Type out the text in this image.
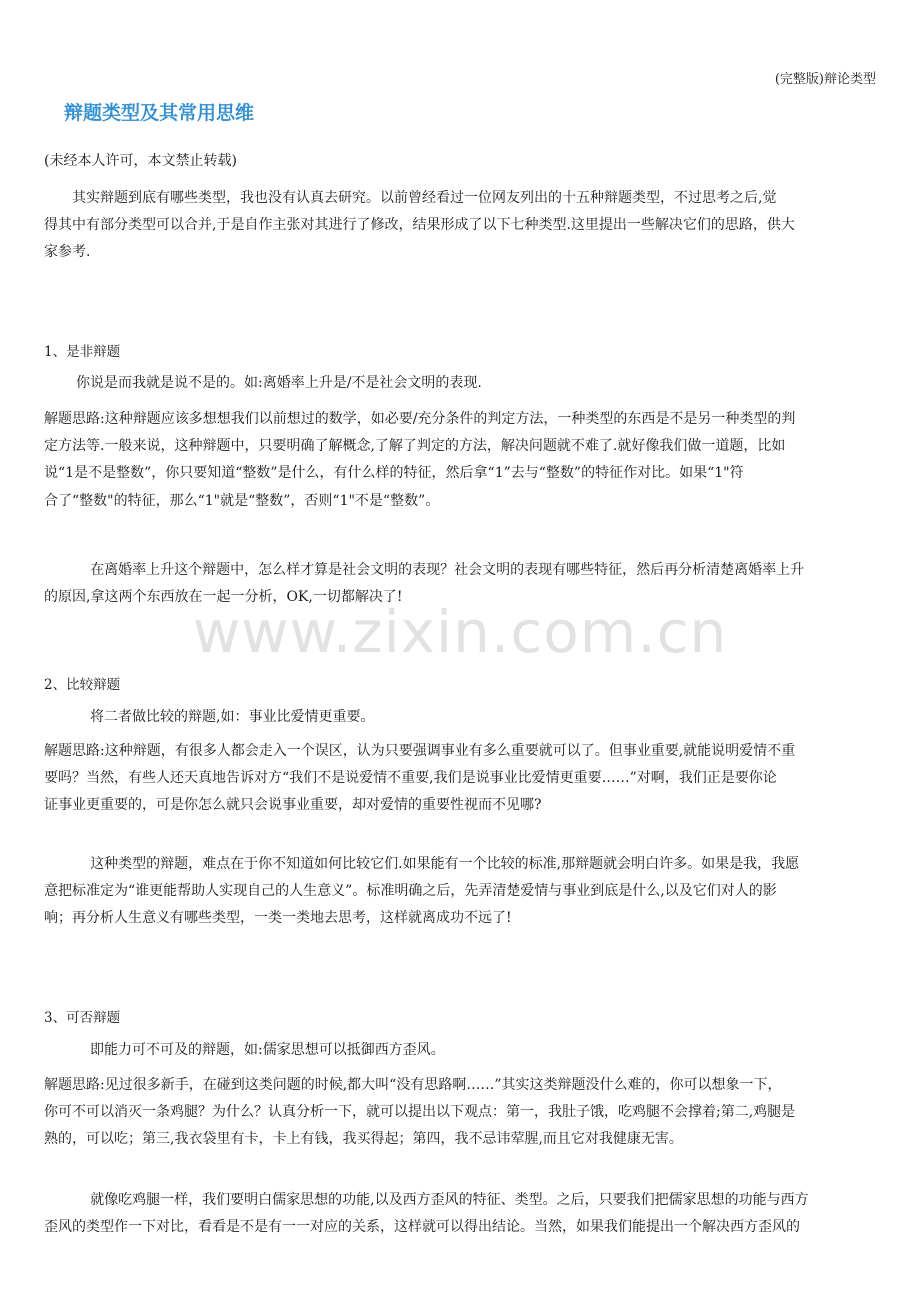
(完整版)辩论类型
辩题类型及其常用思维
(未经本人许可，本文禁止转载)
其实辩题到底有哪些类型，我也没有认真去研究。以前曾经看过一位网友列出的十五种辩题类型，不过思考之后,觉
得其中有部分类型可以合并,于是自作主张对其进行了修改，结果形成了以下七种类型.这里提出一些解决它们的思路，供大
家参考.
1、是非辩题
你说是而我就是说不是的。如:离婚率上升是/不是社会文明的表现.
解题思路:这种辩题应该多想想我们以前想过的数学，如必要/充分条件的判定方法，一种类型的东西是不是另一种类型的判
定方法等.一般来说，这种辩题中，只要明确了解概念,了解了判定的方法，解决问题就不难了.就好像我们做一道题，比如
说“1是不是整数”，你只要知道“整数”是什么，有什么样的特征，然后拿“1”去与“整数”的特征作对比。如果“1"符
合了“整数"的特征，那么“1"就是“整数”，否则“1"不是“整数”。
在离婚率上升这个辩题中，怎么样才算是社会文明的表现？社会文明的表现有哪些特征，然后再分析清楚离婚率上升
的原因,拿这两个东西放在一起一分析，OK,一切都解决了!
www.zixin.com.cn
2、比较辩题
将二者做比较的辩题,如：事业比爱情更重要。
解题思路:这种辩题，有很多人都会走入一个误区，认为只要强调事业有多么重要就可以了。但事业重要,就能说明爱情不重
要吗？当然，有些人还天真地告诉对方“我们不是说爱情不重要,我们是说事业比爱情更重要……”对啊，我们正是要你论
证事业更重要的，可是你怎么就只会说事业重要，却对爱情的重要性视而不见哪?
这种类型的辩题，难点在于你不知道如何比较它们.如果能有一个比较的标准,那辩题就会明白许多。如果是我，我愿
意把标准定为“谁更能帮助人实现自己的人生意义”。标准明确之后，先弄清楚爱情与事业到底是什么,以及它们对人的影
响；再分析人生意义有哪些类型，一类一类地去思考，这样就离成功不远了!
3、可否辩题
即能力可不可及的辩题，如:儒家思想可以抵御西方歪风。
解题思路:见过很多新手，在碰到这类问题的时候,都大叫“没有思路啊……”其实这类辩题没什么难的，你可以想象一下，
你可不可以消灭一条鸡腿？为什么？认真分析一下，就可以提出以下观点：第一，我肚子饿，吃鸡腿不会撑着;第二,鸡腿是
熟的，可以吃；第三,我衣袋里有卡，卡上有钱，我买得起；第四，我不忌讳荤腥,而且它对我健康无害。
就像吃鸡腿一样，我们要明白儒家思想的功能,以及西方歪风的特征、类型。之后，只要我们把儒家思想的功能与西方
歪风的类型作一下对比，看看是不是有一一对应的关系，这样就可以得出结论。当然，如果我们能提出一个解决西方歪风的
